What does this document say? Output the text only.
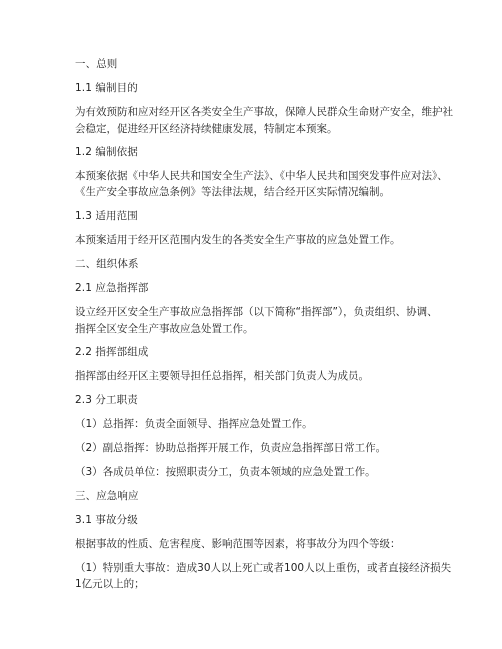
一、总则
1.1 编制目的
为有效预防和应对经开区各类安全生产事故，保障人民群众生命财产安全，维护社
会稳定，促进经开区经济持续健康发展，特制定本预案。
1.2 编制依据
本预案依据《中华人民共和国安全生产法》、《中华人民共和国突发事件应对法》、
《生产安全事故应急条例》等法律法规，结合经开区实际情况编制。
1.3 适用范围
本预案适用于经开区范围内发生的各类安全生产事故的应急处置工作。
二、组织体系
2.1 应急指挥部
设立经开区安全生产事故应急指挥部（以下简称“指挥部”），负责组织、协调、
指挥全区安全生产事故应急处置工作。
2.2 指挥部组成
指挥部由经开区主要领导担任总指挥，相关部门负责人为成员。
2.3 分工职责
（1）总指挥：负责全面领导、指挥应急处置工作。
（2）副总指挥：协助总指挥开展工作，负责应急指挥部日常工作。
（3）各成员单位：按照职责分工，负责本领域的应急处置工作。
三、应急响应
3.1 事故分级
根据事故的性质、危害程度、影响范围等因素，将事故分为四个等级：
（1）特别重大事故：造成30人以上死亡或者100人以上重伤，或者直接经济损失
1亿元以上的；
